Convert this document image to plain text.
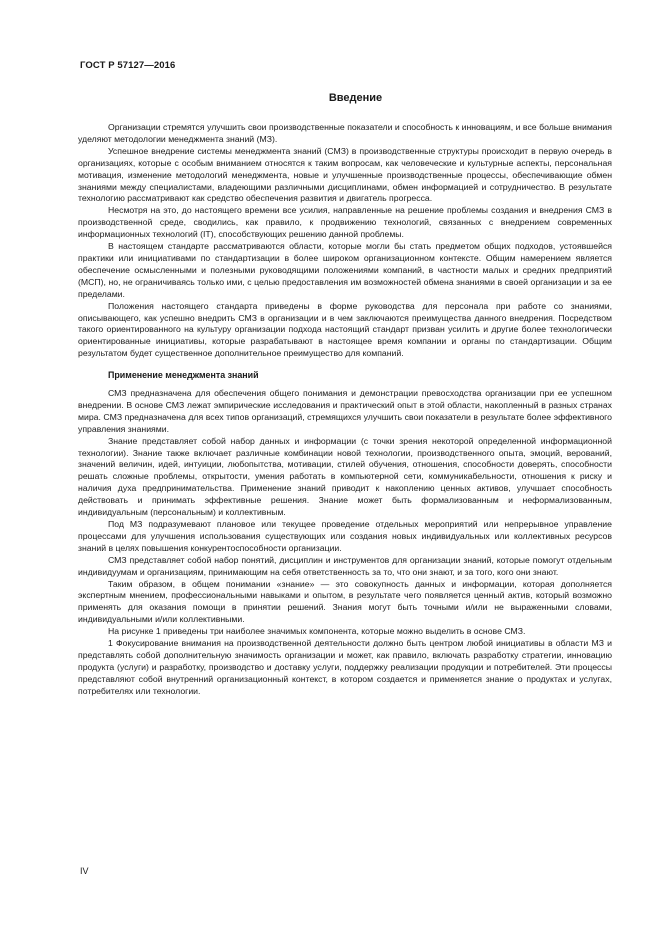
ГОСТ Р 57127—2016
Введение

Организации стремятся улучшить свои производственные показатели и способность к инновациям, и все больше внимания уделяют методологии менеджмента знаний (МЗ).

Успешное внедрение системы менеджмента знаний (СМЗ) в производственные структуры происходит в первую очередь в организациях, которые с особым вниманием относятся к таким вопросам, как человеческие и культурные аспекты, персональная мотивация, изменение методологий менеджмента, новые и улучшенные производственные процессы, обеспечивающие обмен знаниями между специалистами, владеющими различными дисциплинами, обмен информацией и сотрудничество. В результате технологию рассматривают как средство обеспечения развития и двигатель прогресса.

Несмотря на это, до настоящего времени все усилия, направленные на решение проблемы создания и внедрения СМЗ в производственной среде, сводились, как правило, к продвижению технологий, связанных с внедрением современных информационных технологий (IT), способствующих решению данной проблемы.

В настоящем стандарте рассматриваются области, которые могли бы стать предметом общих подходов, устоявшейся практики или инициативами по стандартизации в более широком организационном контексте. Общим намерением является обеспечение осмысленными и полезными руководящими положениями компаний, в частности малых и средних предприятий (МСП), но, не ограничиваясь только ими, с целью предоставления им возможностей обмена знаниями в своей организации и за ее пределами.

Положения настоящего стандарта приведены в форме руководства для персонала при работе со знаниями, описывающего, как успешно внедрить СМЗ в организации и в чем заключаются преимущества данного внедрения. Посредством такого ориентированного на культуру организации подхода настоящий стандарт призван усилить и другие более технологически ориентированные инициативы, которые разрабатывают в настоящее время компании и органы по стандартизации. Общим результатом будет существенное дополнительное преимущество для компаний.

Применение менеджмента знаний

СМЗ предназначена для обеспечения общего понимания и демонстрации превосходства организации при ее успешном внедрении. В основе СМЗ лежат эмпирические исследования и практический опыт в этой области, накопленный в разных странах мира. СМЗ предназначена для всех типов организаций, стремящихся улучшить свои показатели в результате более эффективного управления знаниями.

Знание представляет собой набор данных и информации (с точки зрения некоторой определенной информационной технологии). Знание также включает различные комбинации новой технологии, производственного опыта, эмоций, верований, значений величин, идей, интуиции, любопытства, мотивации, стилей обучения, отношения, способности доверять, способности решать сложные проблемы, открытости, умения работать в компьютерной сети, коммуникабельности, отношения к риску и наличия духа предпринимательства. Применение знаний приводит к накоплению ценных активов, улучшает способность действовать и принимать эффективные решения. Знание может быть формализованным и неформализованным, индивидуальным (персональным) и коллективным.

Под МЗ подразумевают плановое или текущее проведение отдельных мероприятий или непрерывное управление процессами для улучшения использования существующих или создания новых индивидуальных или коллективных ресурсов знаний в целях повышения конкурентоспособности организации.

СМЗ представляет собой набор понятий, дисциплин и инструментов для организации знаний, которые помогут отдельным индивидуумам и организациям, принимающим на себя ответственность за то, что они знают, и за того, кого они знают.

Таким образом, в общем понимании «знание» — это совокупность данных и информации, которая дополняется экспертным мнением, профессиональными навыками и опытом, в результате чего появляется ценный актив, который возможно применять для оказания помощи в принятии решений. Знания могут быть точными и/или не выраженными словами, индивидуальными и/или коллективными.

На рисунке 1 приведены три наиболее значимых компонента, которые можно выделить в основе СМЗ.

1 Фокусирование внимания на производственной деятельности должно быть центром любой инициативы в области МЗ и представлять собой дополнительную значимость организации и может, как правило, включать разработку стратегии, инновацию продукта (услуги) и разработку, производство и доставку услуги, поддержку реализации продукции и потребителей. Эти процессы представляют собой внутренний организационный контекст, в котором создается и применяется знание о продуктах и услугах, потребителях или технологии.

IV
